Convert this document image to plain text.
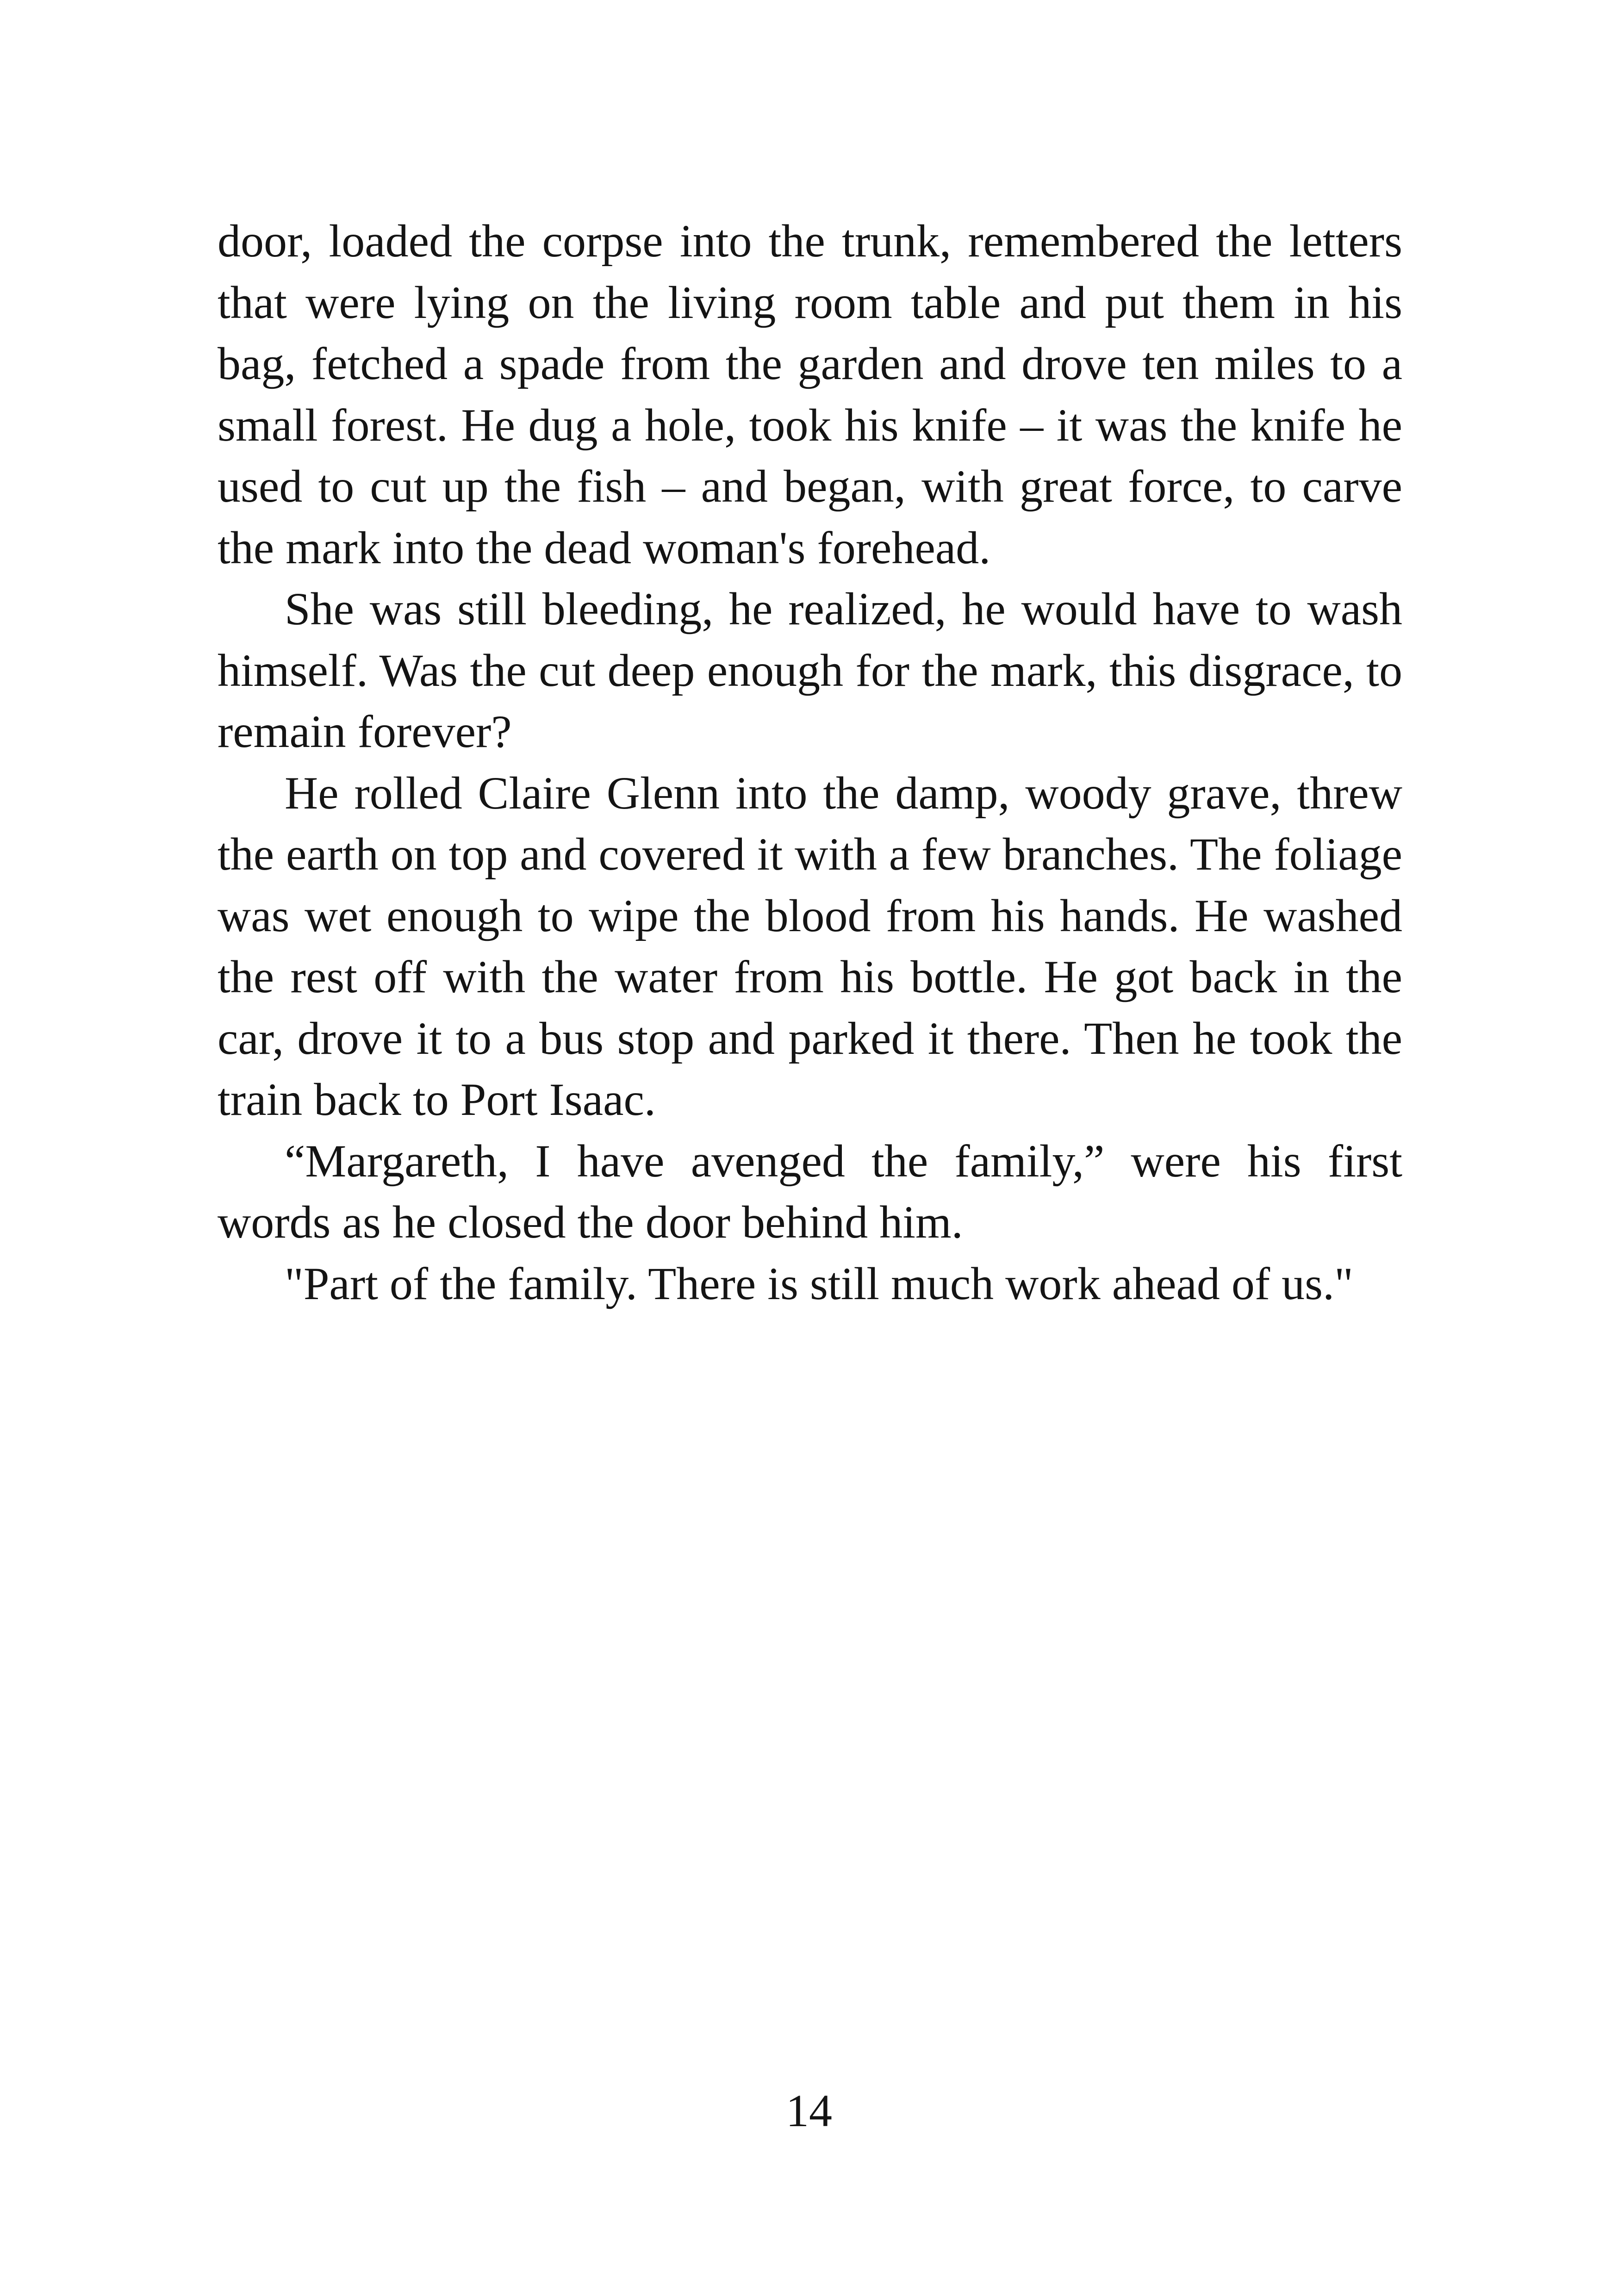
door, loaded the corpse into the trunk, remembered the letters that were lying on the living room table and put them in his bag, fetched a spade from the garden and drove ten miles to a small forest. He dug a hole, took his knife – it was the knife he used to cut up the fish – and began, with great force, to carve the mark into the dead woman's forehead.

She was still bleeding, he realized, he would have to wash himself. Was the cut deep enough for the mark, this disgrace, to remain forever?

He rolled Claire Glenn into the damp, woody grave, threw the earth on top and covered it with a few branches. The foliage was wet enough to wipe the blood from his hands. He washed the rest off with the water from his bottle. He got back in the car, drove it to a bus stop and parked it there. Then he took the train back to Port Isaac.

“Margareth, I have avenged the family,” were his first words as he closed the door behind him.

"Part of the family. There is still much work ahead of us."

14
